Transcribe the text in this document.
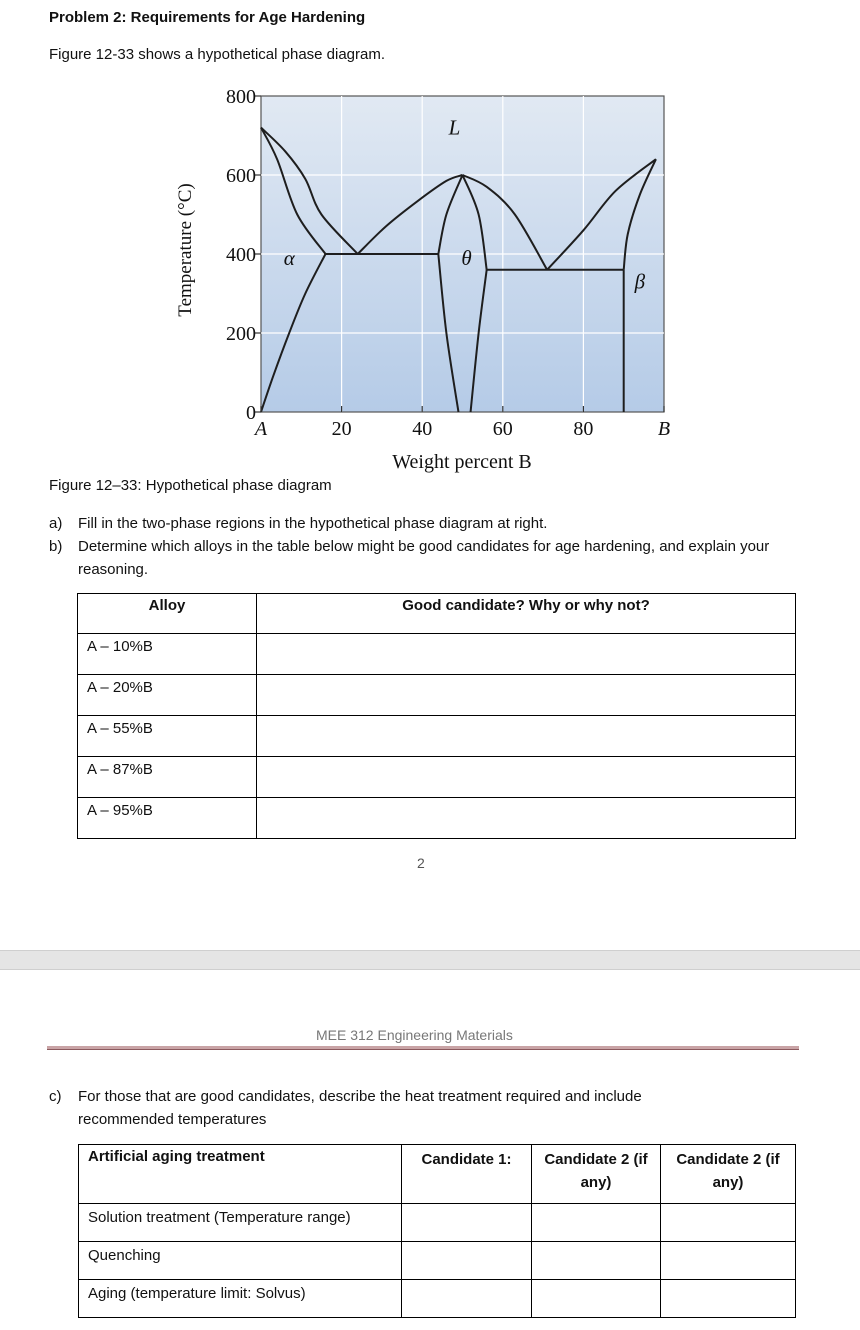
Problem 2: Requirements for Age Hardening
Figure 12-33 shows a hypothetical phase diagram.
0
200
400
600
800
A	20	40	60	80	B
L
α	θ
β
Temperature (°C)
Weight percent B
Figure 12–33: Hypothetical phase diagram
a) Fill in the two-phase regions in the hypothetical phase diagram at right.
b) Determine which alloys in the table below might be good candidates for age hardening, and explain your reasoning.
Alloy	Good candidate? Why or why not?
A – 10%B	
A – 20%B	
A – 55%B	
A – 87%B	
A – 95%B	
2
MEE 312 Engineering Materials
c) For those that are good candidates, describe the heat treatment required and include recommended temperatures
Artificial aging treatment	Candidate 1:	Candidate 2 (if any)	Candidate 2 (if any)
Solution treatment (Temperature range)			
Quenching			
Aging (temperature limit: Solvus)			
